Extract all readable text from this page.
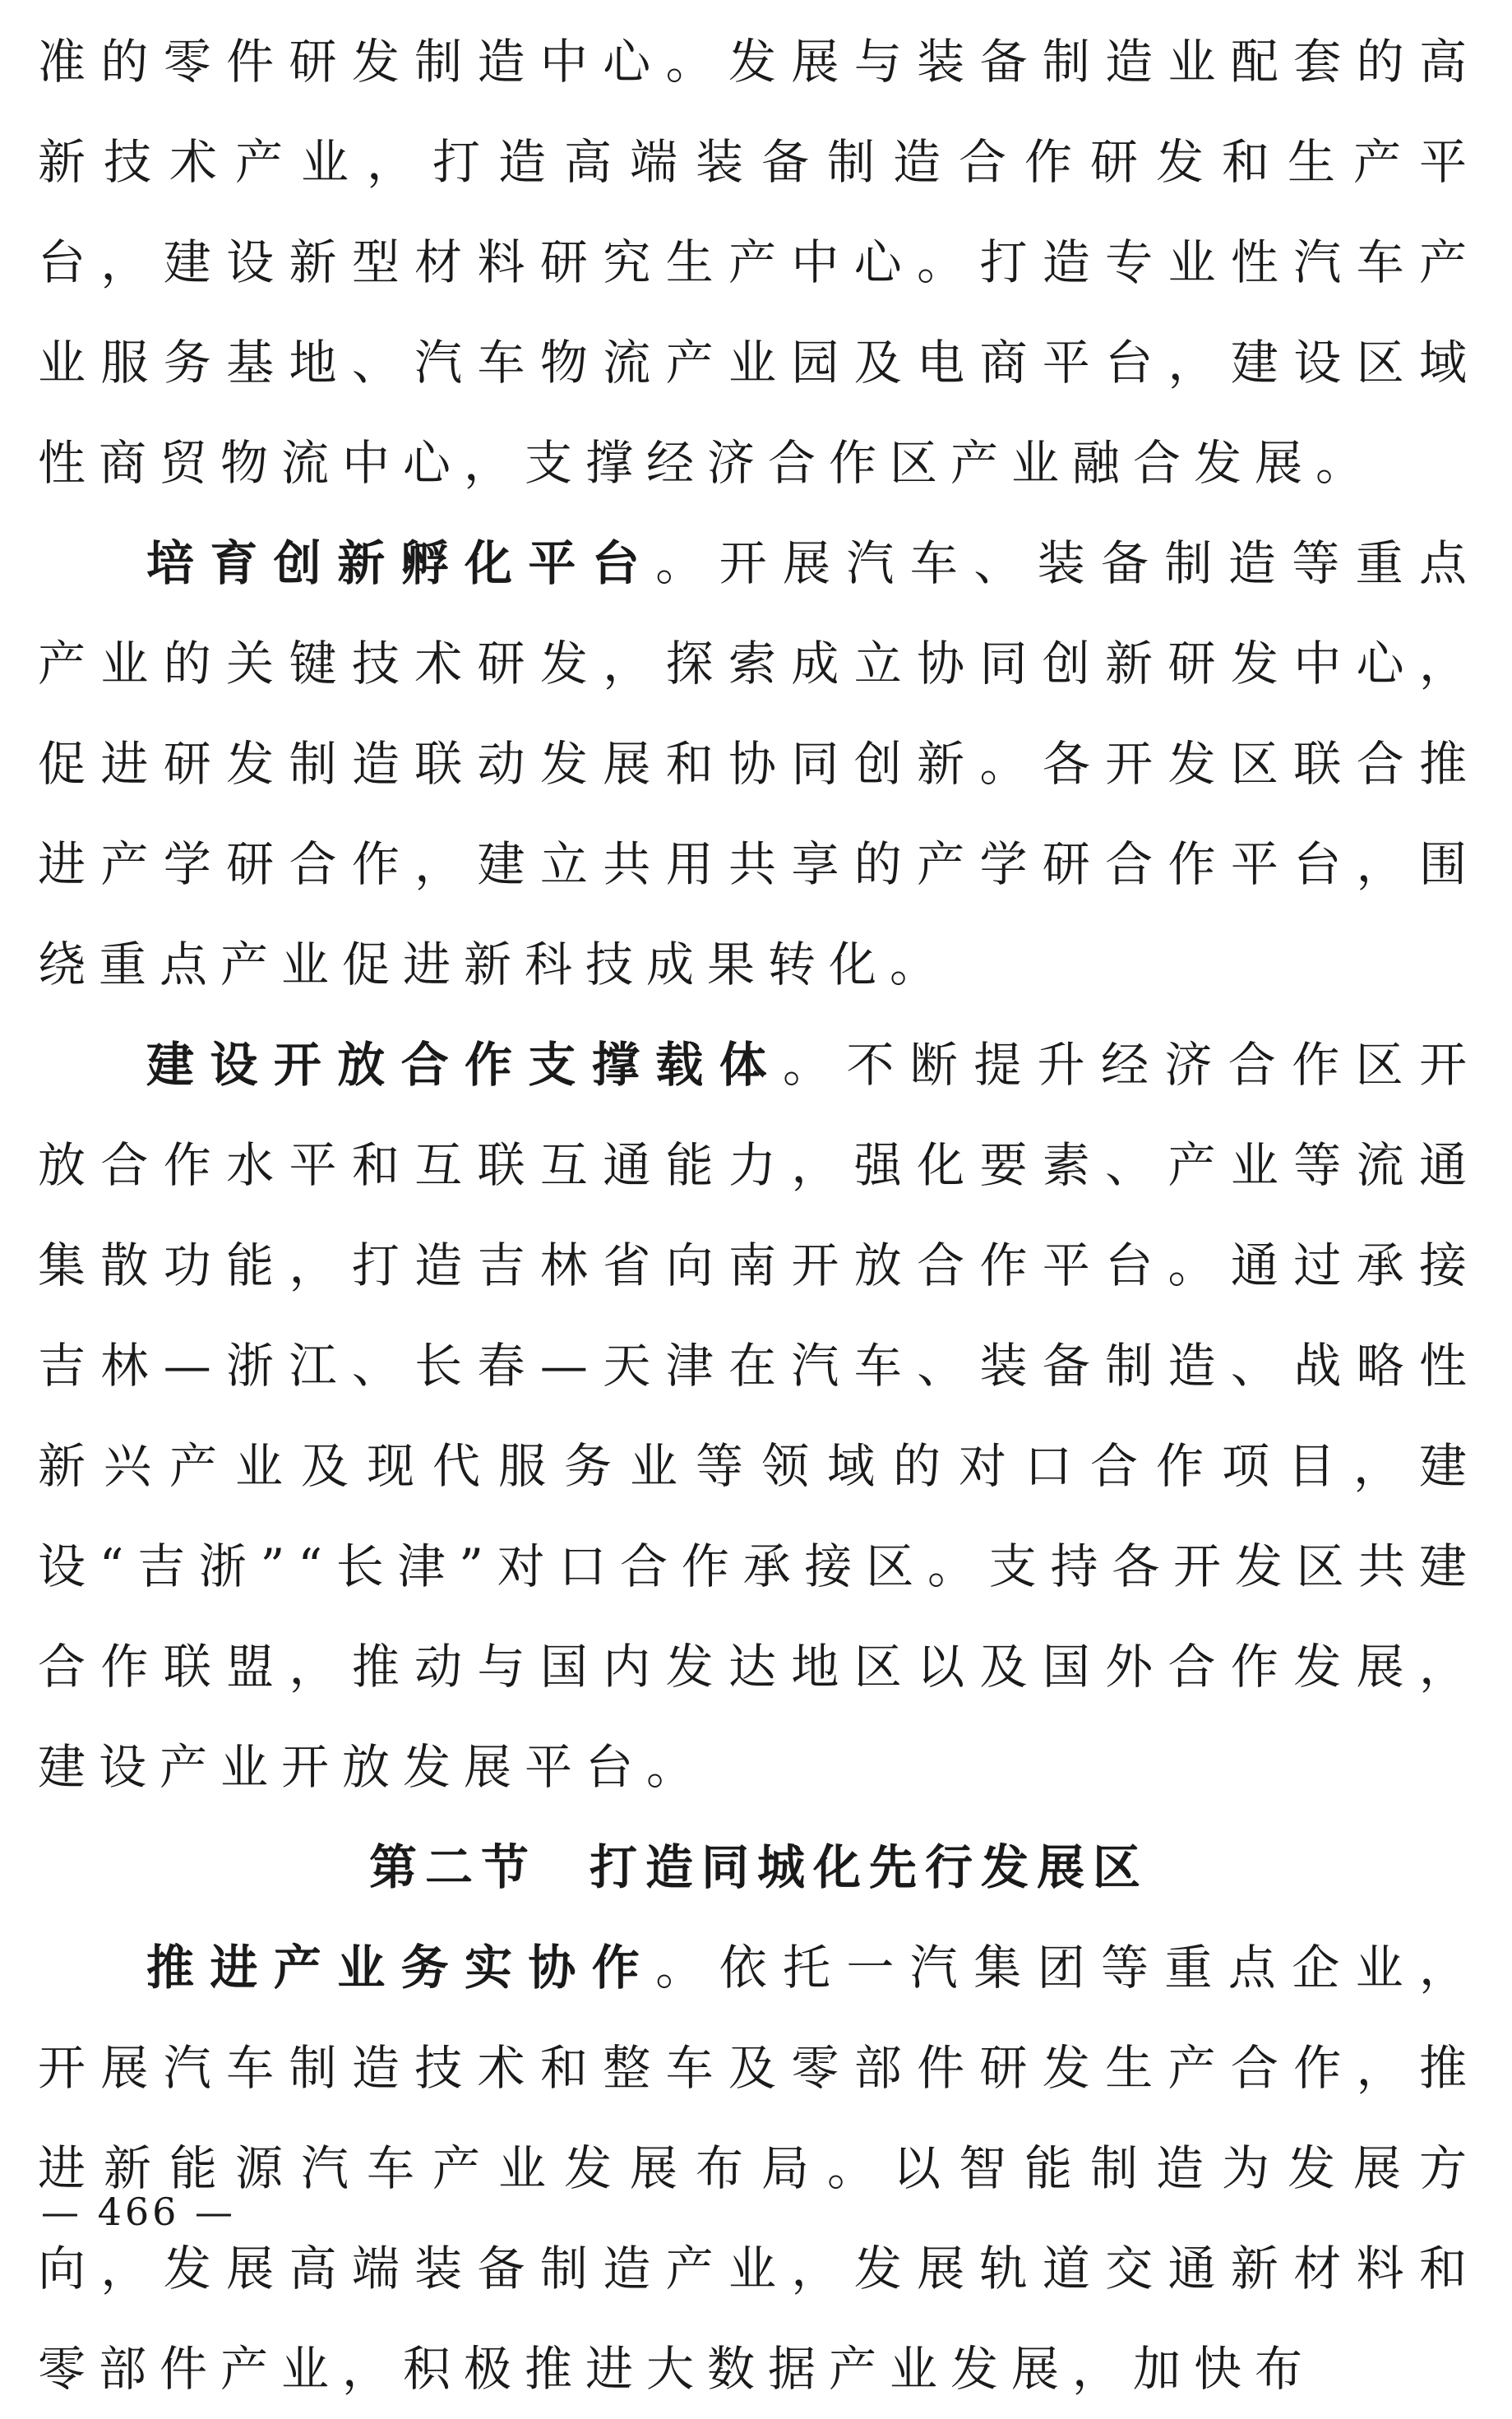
准的零件研发制造中心。发展与装备制造业配套的高新技术产业，打造高端装备制造合作研发和生产平台，建设新型材料研究生产中心。打造专业性汽车产业服务基地、汽车物流产业园及电商平台，建设区域性商贸物流中心，支撑经济合作区产业融合发展。

培育创新孵化平台。开展汽车、装备制造等重点产业的关键技术研发，探索成立协同创新研发中心，促进研发制造联动发展和协同创新。各开发区联合推进产学研合作，建立共用共享的产学研合作平台，围绕重点产业促进新科技成果转化。

建设开放合作支撑载体。不断提升经济合作区开放合作水平和互联互通能力，强化要素、产业等流通集散功能，打造吉林省向南开放合作平台。通过承接吉林—浙江、长春—天津在汽车、装备制造、战略性新兴产业及现代服务业等领域的对口合作项目，建设“吉浙”“长津”对口合作承接区。支持各开发区共建合作联盟，推动与国内发达地区以及国外合作发展，建设产业开放发展平台。

第二节 打造同城化先行发展区

推进产业务实协作。依托一汽集团等重点企业，开展汽车制造技术和整车及零部件研发生产合作，推进新能源汽车产业发展布局。以智能制造为发展方向，发展高端装备制造产业，发展轨道交通新材料和零部件产业，积极推进大数据产业发展，加快布

— 466 —
